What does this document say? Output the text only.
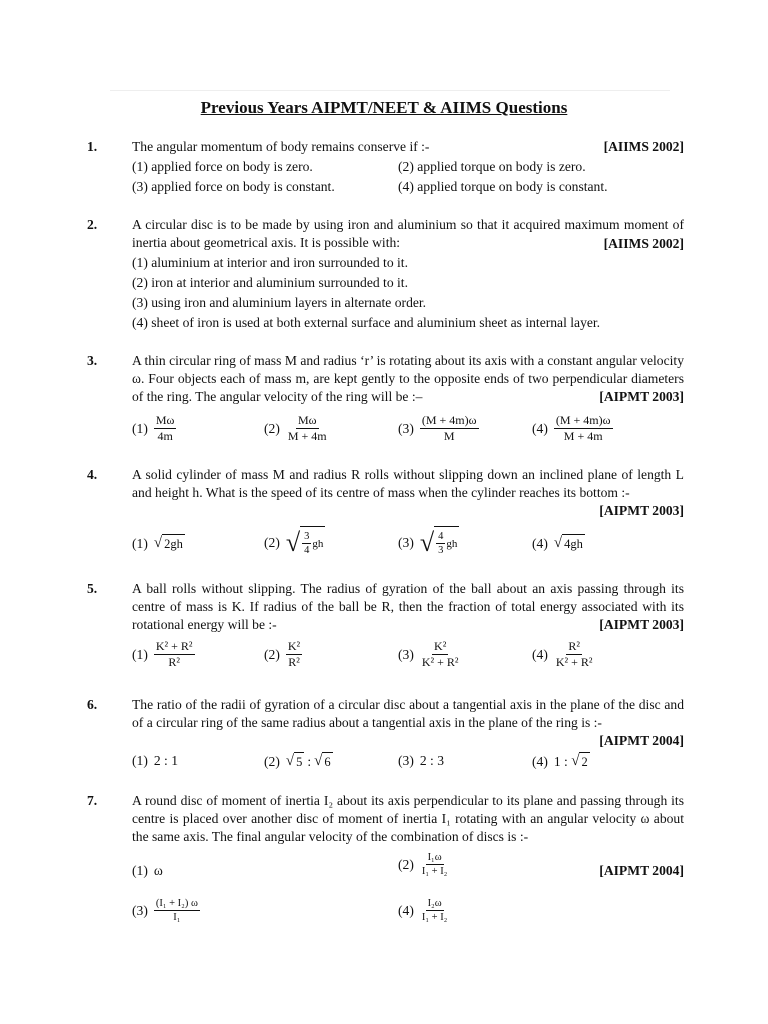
Previous Years AIPMT/NEET & AIIMS Questions
1.	The angular momentum of body remains conserve if :-	[AIIMS 2002]
(1) applied force on body is zero.	(2) applied torque on body is zero.
(3) applied force on body is constant.	(4) applied torque on body is constant.
2.	A circular disc is to be made by using iron and aluminium so that it acquired maximum moment of inertia about geometrical axis. It is possible with:	[AIIMS 2002]
(1) aluminium at interior and iron surrounded to it.
(2) iron at interior and aluminium surrounded to it.
(3) using iron and aluminium layers in alternate order.
(4) sheet of iron is used at both external surface and aluminium sheet as internal layer.
3.	A thin circular ring of mass M and radius ‘r’ is rotating about its axis with a constant angular velocity ω. Four objects each of mass m, are kept gently to the opposite ends of two perpendicular diameters of the ring. The angular velocity of the ring will be :–	[AIPMT 2003]
$(1) \frac{M\omega}{4m}$	$(2) \frac{M\omega}{M + 4m}$	$(3) \frac{(M + 4m)\omega}{M}$	$(4) \frac{(M + 4m)\omega}{M + 4m}$
4.	A solid cylinder of mass M and radius R rolls without slipping down an inclined plane of length L and height h. What is the speed of its centre of mass when the cylinder reaches its bottom :-
[AIPMT 2003]
(1) √ 2gh	(2) √ $\frac{3}{4}$ gh	(3) √ $\frac{4}{3}$ gh	(4) √ 4gh
5.	A ball rolls without slipping. The radius of gyration of the ball about an axis passing through its centre of mass is K. If radius of the ball be R, then the fraction of total energy associated with its rotational energy will be :-	[AIPMT 2003]
$(1) \frac{\text{K² + R²}}{\text{R²}}$	$(2) \frac{\text{K²}}{\text{R²}}$	$(3) \frac{\text{K²}}{\text{K² + R²}}$	$(4) \frac{\text{R²}}{\text{K² + R²}}$
6.	The ratio of the radii of gyration of a circular disc about a tangential axis in the plane of the disc and of a circular ring of the same radius about a tangential axis in the plane of the ring is :-
[AIPMT 2004]
(1) 2 : 1	(2) √ 5 : √ 6	(3) 2 : 3	(4) 1 : √ 2
7.	A round disc of moment of inertia I₂ about its axis perpendicular to its plane and passing through its centre is placed over another disc of moment of inertia I₁ rotating with an angular velocity ω about the same axis. The final angular velocity of the combination of discs is :-
[AIPMT 2004]
(1) ω	$(2) \frac{\text{I₁ω}}{\text{I₁ + I₂}}$
$(3) \frac{\text{(I₁ + I₂) ω}}{\text{I₁}}$	$(4) \frac{\text{I₂ω}}{\text{I₁ + I₂}}$
